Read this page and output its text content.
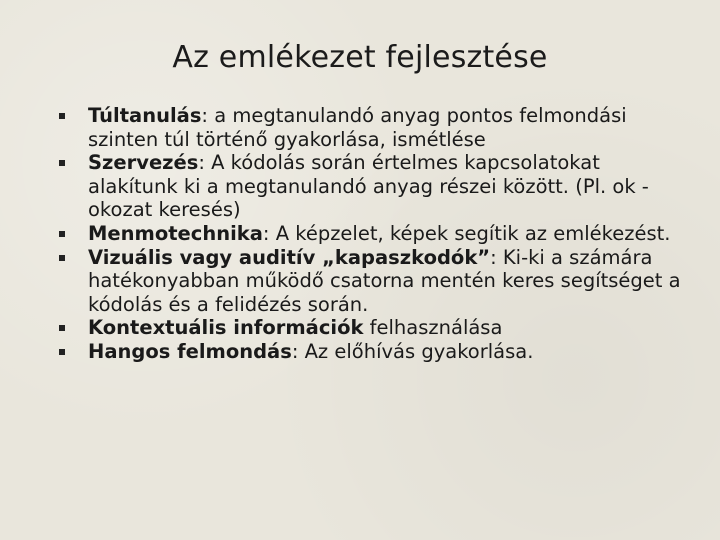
Az emlékezet fejlesztése
Túltanulás: a megtanulandó anyag pontos felmondási szinten túl történő gyakorlása, ismétlése
Szervezés: A kódolás során értelmes kapcsolatokat alakítunk ki a megtanulandó anyag részei között. (Pl. ok -okozat keresés)
Menmotechnika: A képzelet, képek segítik az emlékezést.
Vizuális vagy auditív „kapaszkodók”: Ki-ki a számára hatékonyabban működő csatorna mentén keres segítséget a kódolás és a felidézés során.
Kontextuális információk felhasználása
Hangos felmondás: Az előhívás gyakorlása.
